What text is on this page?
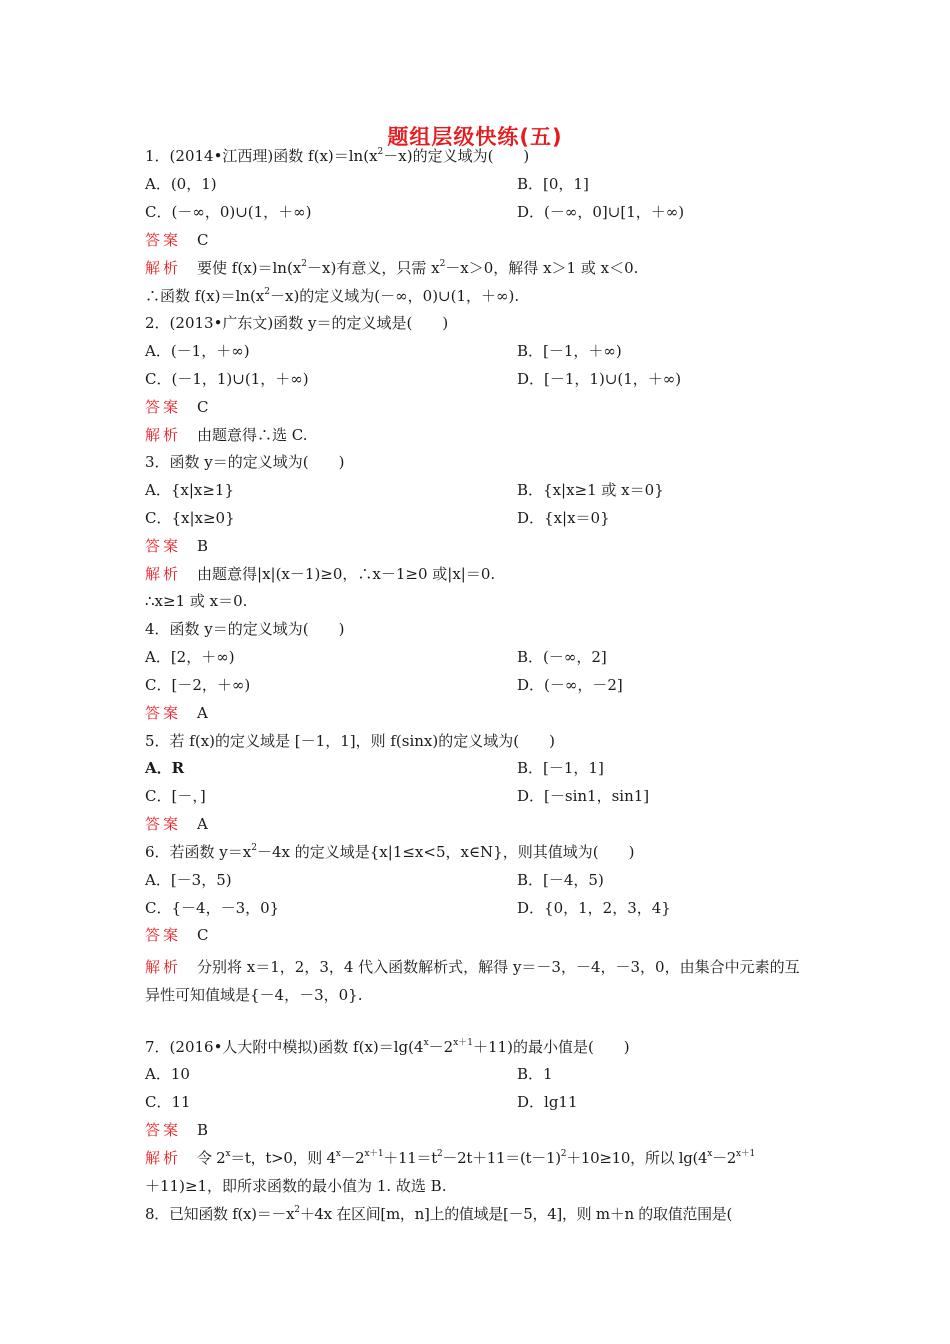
题组层级快练(五)
1．(2014•江西理)函数 $f(x)=\ln(x^2-x)$的定义域为(　　)
A．(0，1)	B．[0，1]
C．(－∞，0)∪(1，＋∞)	D．(－∞，0]∪[1，＋∞)
答案 C
解析 要使 $f(x)=\ln(x^2-x)$有意义，只需 $x^2-x>0$，解得 x＞1 或 x＜0.
∴函数 $f(x)=\ln(x^2-x)$的定义域为(－∞，0)∪(1，＋∞).
2．(2013•广东文)函数 y＝的定义域是(　　)
A．(－1，＋∞)	B．[－1，＋∞)
C．(－1，1)∪(1，＋∞)	D．[－1，1)∪(1，＋∞)
答案 C
解析 由题意得∴选 C.
3．函数 y＝的定义域为(　　)
A．{x|x≥1}	B．{x|x≥1 或 x＝0}
C．{x|x≥0}	D．{x|x＝0}
答案 B
解析 由题意得|x|(x－1)≥0，∴x－1≥0 或|x|＝0.
∴x≥1 或 x＝0.
4．函数 y＝的定义域为(　　)
A．[2，＋∞)	B．(－∞，2]
C．[－2，＋∞)	D．(－∞，－2]
答案 A
5．若 f(x)的定义域是 [－1，1]，则 f(sinx)的定义域为(　　)
A．R	B．[－1，1]
C．[－，]	D．[－sin1，sin1]
答案 A
6．若函数 $y=x^2-4x$ 的定义域是{x|1≤x<5，x∈N}，则其值域为(　　)
A．[－3，5)	B．[－4，5)
C．{－4，－3，0}	D．{0，1，2，3，4}
答案 C
解析 分别将 x＝1，2，3，4 代入函数解析式，解得 y＝－3，－4，－3，0，由集合中元素的互异性可知值域是{－4，－3，0}.
7．(2016•人大附中模拟)函数 $f(x)=\lg(4^x-2^{x+1}+11)$的最小值是(　　)
A．10	B．1
C．11	D．lg11
答案 B
解析 令 $2^x=t$，t>0，则 $4^x-2^{x+1}+11=t^2-2t+11=(t-1)^2+10\ge 10$，所以 $\lg(4^x-2^{x+1}$
＋11)≥1，即所求函数的最小值为 1. 故选 B.
8．已知函数 $f(x)=-x^2+4x$ 在区间[m，n]上的值域是[－5，4]，则 m＋n 的取值范围是(
